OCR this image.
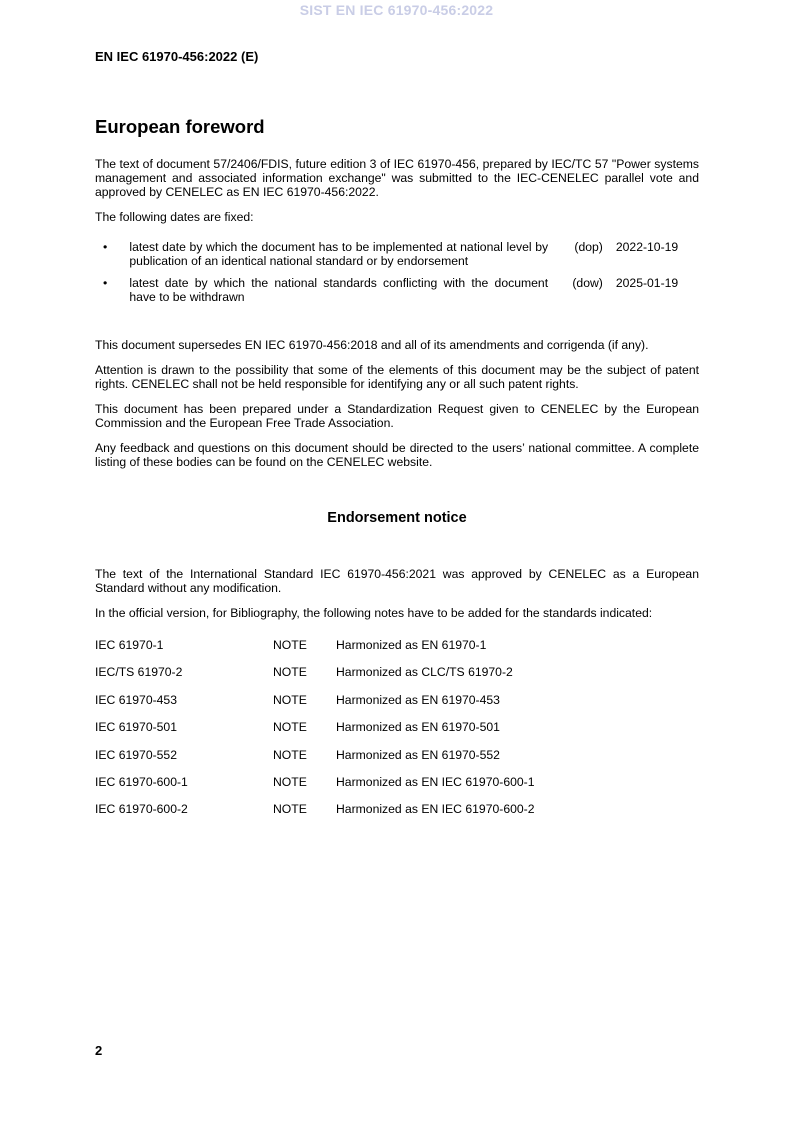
SIST EN IEC 61970-456:2022
EN IEC 61970-456:2022 (E)
European foreword

The text of document 57/2406/FDIS, future edition 3 of IEC 61970-456, prepared by IEC/TC 57 "Power systems management and associated information exchange" was submitted to the IEC-CENELEC parallel vote and approved by CENELEC as EN IEC 61970-456:2022.

The following dates are fixed:

•	latest date by which the document has to be implemented at national level by publication of an identical national standard or by endorsement
(dop)	2022-10-19
•	latest date by which the national standards conflicting with the document have to be withdrawn
(dow)	2025-01-19

This document supersedes EN IEC 61970-456:2018 and all of its amendments and corrigenda (if any).

Attention is drawn to the possibility that some of the elements of this document may be the subject of patent rights. CENELEC shall not be held responsible for identifying any or all such patent rights.

This document has been prepared under a Standardization Request given to CENELEC by the European Commission and the European Free Trade Association.

Any feedback and questions on this document should be directed to the users’ national committee. A complete listing of these bodies can be found on the CENELEC website.

Endorsement notice

The text of the International Standard IEC 61970-456:2021 was approved by CENELEC as a European Standard without any modification.

In the official version, for Bibliography, the following notes have to be added for the standards indicated:

IEC 61970-1	NOTE	Harmonized as EN 61970-1
IEC/TS 61970-2	NOTE	Harmonized as CLC/TS 61970-2
IEC 61970-453	NOTE	Harmonized as EN 61970-453
IEC 61970-501	NOTE	Harmonized as EN 61970-501
IEC 61970-552	NOTE	Harmonized as EN 61970-552
IEC 61970-600-1	NOTE	Harmonized as EN IEC 61970-600-1
IEC 61970-600-2	NOTE	Harmonized as EN IEC 61970-600-2
2
